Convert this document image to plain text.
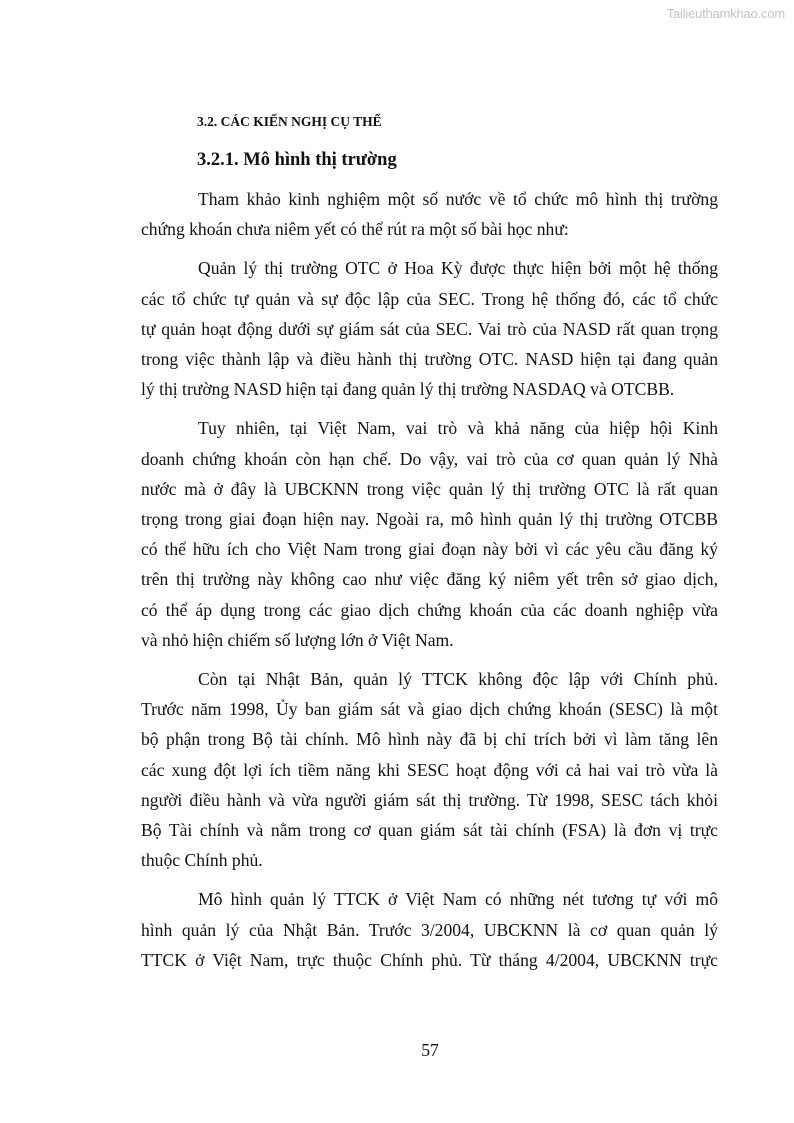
Tailieuthamkhao.com
3.2. CÁC KIẾN NGHỊ CỤ THỂ
3.2.1. Mô hình thị trường

Tham khảo kinh nghiệm một số nước về tổ chức mô hình thị trường
chứng khoán chưa niêm yết có thể rút ra một số bài học như:

Quản lý thị trường OTC ở Hoa Kỳ được thực hiện bởi một hệ thống
các tổ chức tự quản và sự độc lập của SEC. Trong hệ thống đó, các tổ chức
tự quản hoạt động dưới sự giám sát của SEC. Vai trò của NASD rất quan trọng
trong việc thành lập và điều hành thị trường OTC. NASD hiện tại đang quản
lý thị trường NASD hiện tại đang quản lý thị trường NASDAQ và OTCBB.

Tuy nhiên, tại Việt Nam, vai trò và khả năng của hiệp hội Kinh
doanh chứng khoán còn hạn chế. Do vậy, vai trò của cơ quan quản lý Nhà
nước mà ở đây là UBCKNN trong việc quản lý thị trường OTC là rất quan
trọng trong giai đoạn hiện nay. Ngoài ra, mô hình quản lý thị trường OTCBB
có thể hữu ích cho Việt Nam trong giai đoạn này bởi vì các yêu cầu đăng ký
trên thị trường này không cao như việc đăng ký niêm yết trên sở giao dịch,
có thể áp dụng trong các giao dịch chứng khoán của các doanh nghiệp vừa
và nhỏ hiện chiếm số lượng lớn ở Việt Nam.

Còn tại Nhật Bản, quản lý TTCK không độc lập với Chính phủ.
Trước năm 1998, Ủy ban giám sát và giao dịch chứng khoán (SESC) là một
bộ phận trong Bộ tài chính. Mô hình này đã bị chỉ trích bởi vì làm tăng lên
các xung đột lợi ích tiềm năng khi SESC hoạt động với cả hai vai trò vừa là
người điều hành và vừa người giám sát thị trường. Từ 1998, SESC tách khỏi
Bộ Tài chính và nằm trong cơ quan giám sát tài chính (FSA) là đơn vị trực
thuộc Chính phủ.

Mô hình quản lý TTCK ở Việt Nam có những nét tương tự với mô
hình quản lý của Nhật Bản. Trước 3/2004, UBCKNN là cơ quan quản lý
TTCK ở Việt Nam, trực thuộc Chính phủ. Từ tháng 4/2004, UBCKNN trực

57
